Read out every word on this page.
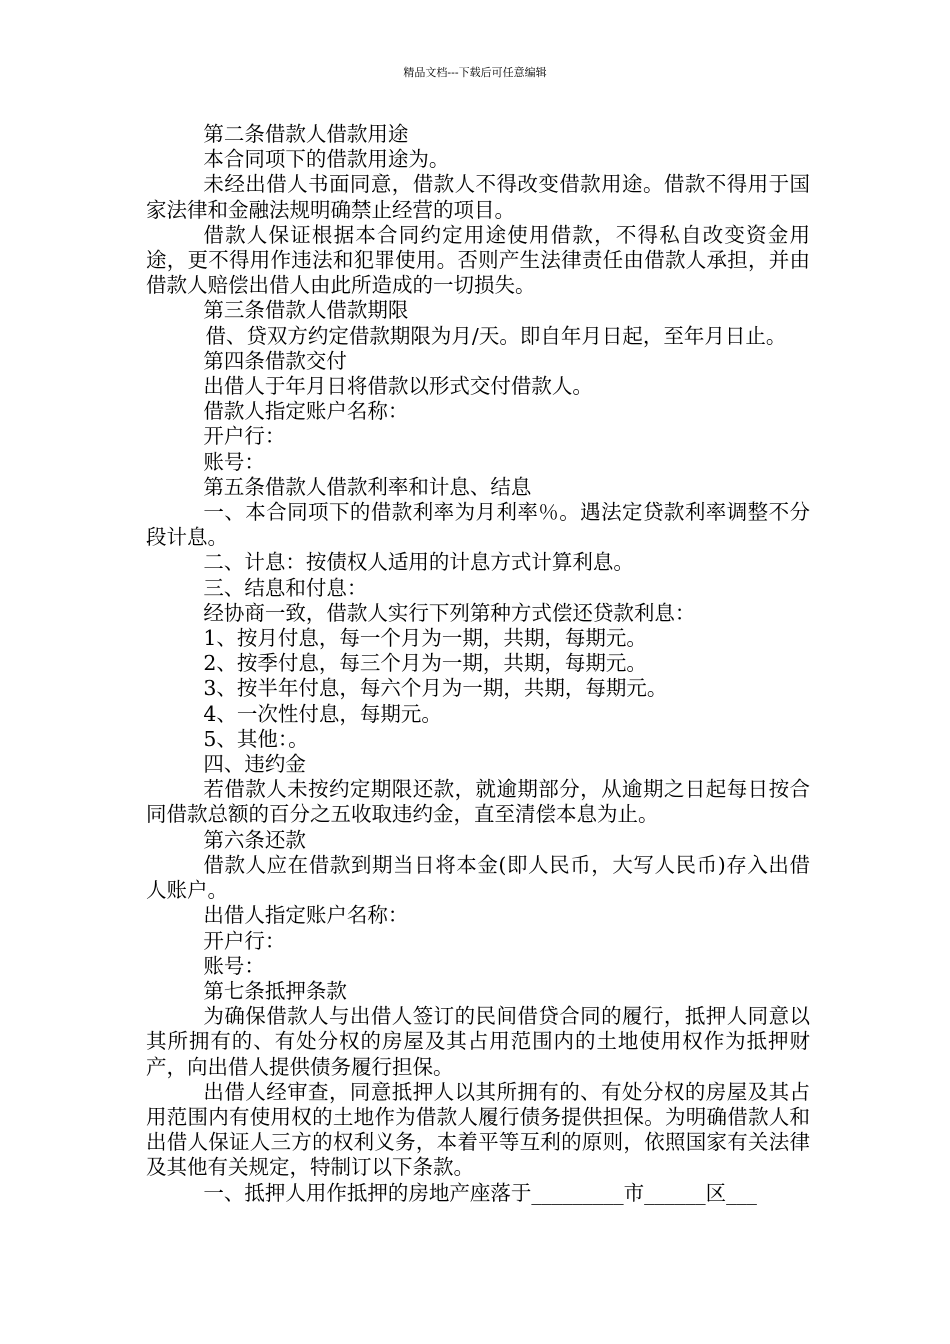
精品文档---下载后可任意编辑

第二条借款人借款用途

本合同项下的借款用途为。

未经出借人书面同意，借款人不得改变借款用途。借款不得用于国家法律和金融法规明确禁止经营的项目。

借款人保证根据本合同约定用途使用借款，不得私自改变资金用途，更不得用作违法和犯罪使用。否则产生法律责任由借款人承担，并由借款人赔偿出借人由此所造成的一切损失。

第三条借款人借款期限

借、贷双方约定借款期限为月/天。即自年月日起，至年月日止。

第四条借款交付

出借人于年月日将借款以形式交付借款人。

借款人指定账户名称：

开户行：

账号：

第五条借款人借款利率和计息、结息

一、本合同项下的借款利率为月利率％。遇法定贷款利率调整不分段计息。

二、计息：按债权人适用的计息方式计算利息。

三、结息和付息：

经协商一致，借款人实行下列第种方式偿还贷款利息：

1、按月付息，每一个月为一期，共期，每期元。

2、按季付息，每三个月为一期，共期，每期元。

3、按半年付息，每六个月为一期，共期，每期元。

4、一次性付息，每期元。

5、其他：。

四、违约金

若借款人未按约定期限还款，就逾期部分，从逾期之日起每日按合同借款总额的百分之五收取违约金，直至清偿本息为止。

第六条还款

借款人应在借款到期当日将本金(即人民币，大写人民币)存入出借人账户。

出借人指定账户名称：

开户行：

账号：

第七条抵押条款

为确保借款人与出借人签订的民间借贷合同的履行，抵押人同意以其所拥有的、有处分权的房屋及其占用范围内的土地使用权作为抵押财产，向出借人提供债务履行担保。

出借人经审查，同意抵押人以其所拥有的、有处分权的房屋及其占用范围内有使用权的土地作为借款人履行债务提供担保。为明确借款人和出借人保证人三方的权利义务，本着平等互利的原则，依照国家有关法律及其他有关规定，特制订以下条款。

一、抵押人用作抵押的房地产座落于_________市______区___
